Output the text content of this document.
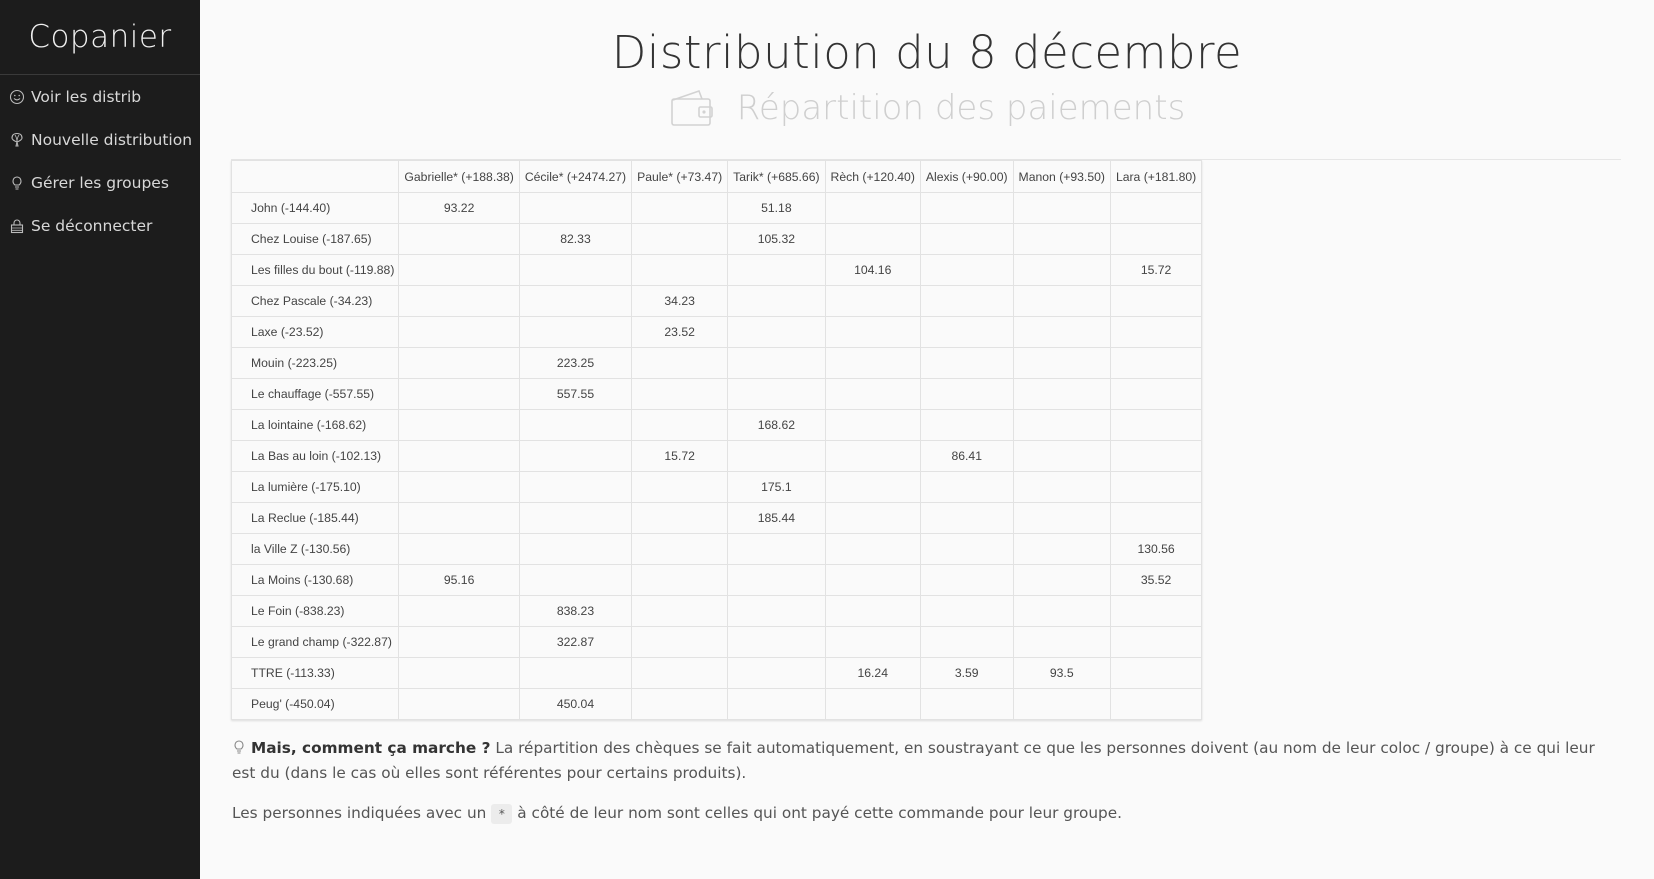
Copanier
Voir les distrib
Nouvelle distribution
Gérer les groupes
Se déconnecter
Distribution du 8 décembre
Répartition des paiements
	Gabrielle* (+188.38)	Cécile* (+2474.27)	Paule* (+73.47)	Tarik* (+685.66)	Rèch (+120.40)	Alexis (+90.00)	Manon (+93.50)	Lara (+181.80)
John (-144.40)	93.22			51.18				
Chez Louise (-187.65)		82.33		105.32				
Les filles du bout (-119.88)					104.16			15.72
Chez Pascale (-34.23)			34.23					
Laxe (-23.52)			23.52					
Mouin (-223.25)		223.25						
Le chauffage (-557.55)		557.55						
La lointaine (-168.62)				168.62				
La Bas au loin (-102.13)			15.72			86.41		
La lumière (-175.10)				175.1				
La Reclue (-185.44)				185.44				
la Ville Z (-130.56)								130.56
La Moins (-130.68)	95.16							35.52
Le Foin (-838.23)		838.23						
Le grand champ (-322.87)		322.87						
TTRE (-113.33)					16.24	3.59	93.5	
Peug' (-450.04)		450.04						

Mais, comment ça marche ? La répartition des chèques se fait automatiquement, en soustrayant ce que les personnes doivent (au nom de leur coloc / groupe) à ce qui leur est du (dans le cas où elles sont référentes pour certains produits).

Les personnes indiquées avec un * à côté de leur nom sont celles qui ont payé cette commande pour leur groupe.
